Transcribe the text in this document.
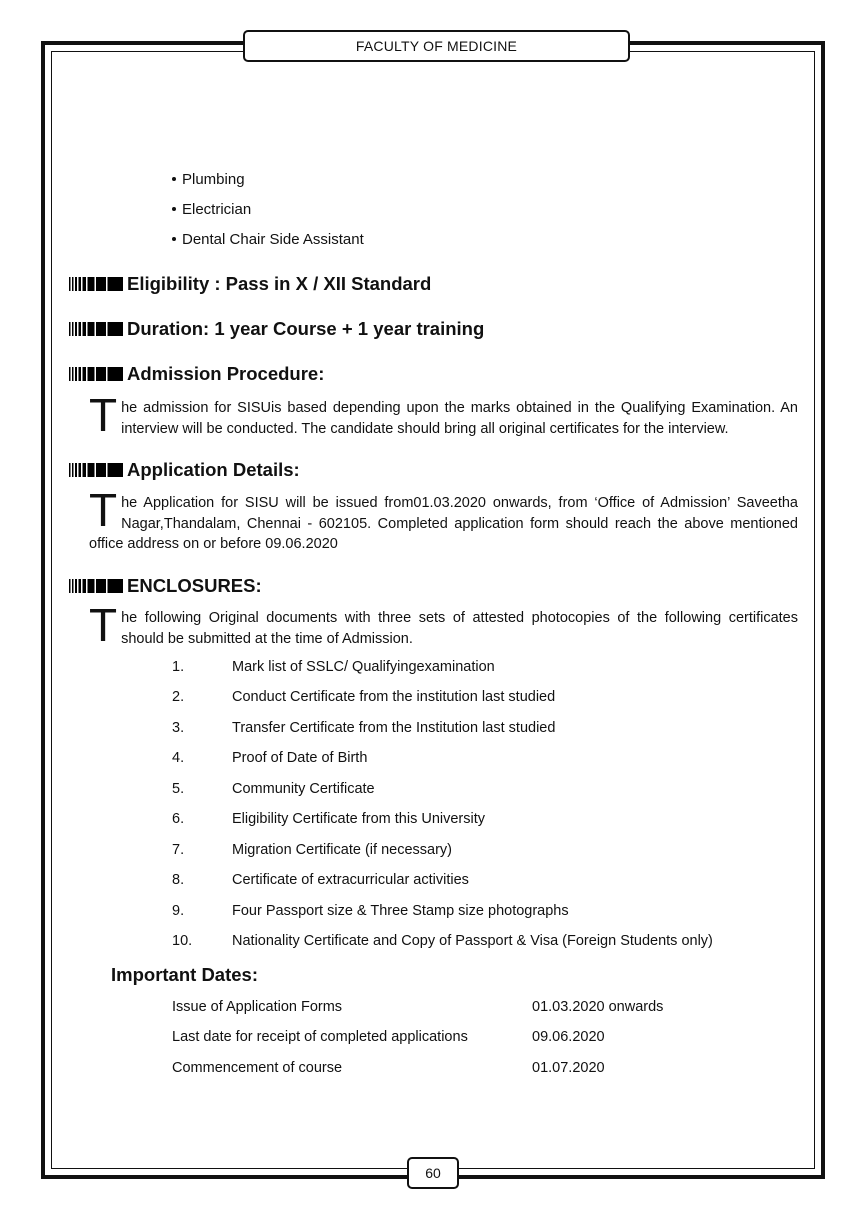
FACULTY OF MEDICINE
Plumbing
Electrician
Dental Chair Side Assistant
Eligibility : Pass in X / XII Standard
Duration: 1 year Course + 1 year training
Admission Procedure:
T he admission for SISUis based depending upon the marks obtained in the Qualifying Examination. An interview will be conducted. The candidate should bring all original certificates for the interview.

Application Details:
T he Application for SISU will be issued from01.03.2020 onwards, from ‘Office of Admission’ Saveetha Nagar,Thandalam, Chennai - 602105. Completed application form should reach the above mentioned office address on or before 09.06.2020

ENCLOSURES:
T he following Original documents with three sets of attested photocopies of the following certificates should be submitted at the time of Admission.

1.	Mark list of SSLC/ Qualifyingexamination
2.	Conduct Certificate from the institution last studied
3.	Transfer Certificate from the Institution last studied
4.	Proof of Date of Birth
5.	Community Certificate
6.	Eligibility Certificate from this University
7.	Migration Certificate (if necessary)
8.	Certificate of extracurricular activities
9.	Four Passport size & Three Stamp size photographs
10.	Nationality Certificate and Copy of Passport & Visa (Foreign Students only)
Important Dates:
Issue of Application Forms	01.03.2020 onwards
Last date for receipt of completed applications	09.06.2020
Commencement of course	01.07.2020
60
